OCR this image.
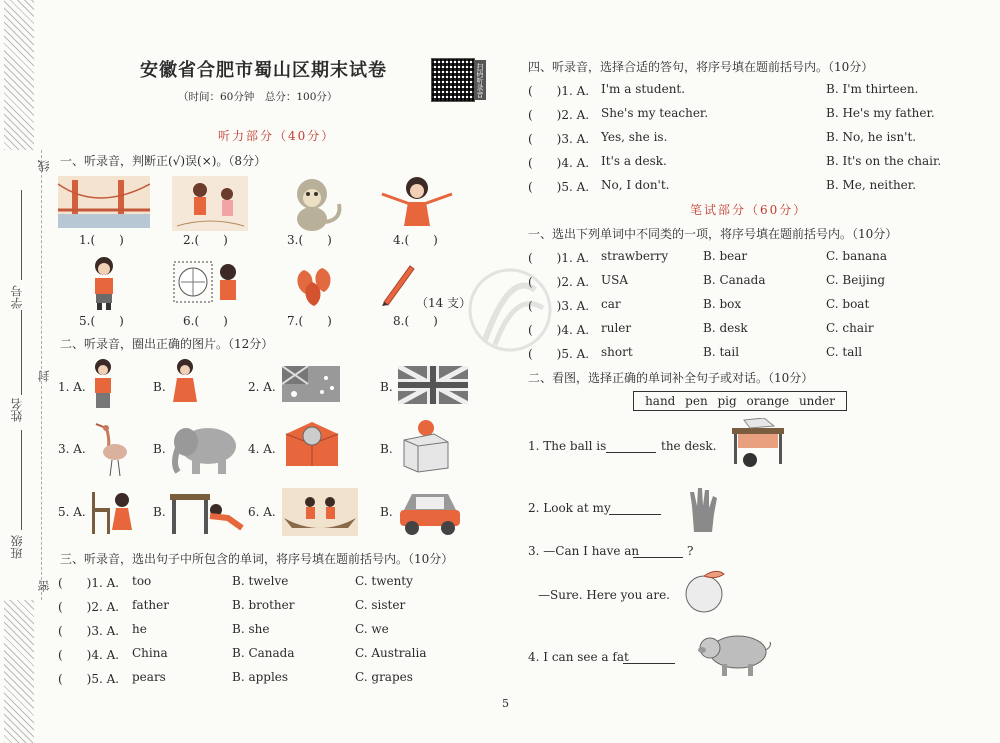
线
学号
姓名
封
班级
密
安徽省合肥市蜀山区期末试卷
（时间：60分钟　总分：100分）	扫码听录音
听力部分（40分）
一、听录音，判断正(√)误(×)。（8分）
1.(　　)	2.(　　)	3.(　　)	4.(　　)
（14 支）
5.(　　)	6.(　　)	7.(　　)	8.(　　)
二、听录音，圈出正确的图片。（12分）
1. A.	B.	2. A.	B.
3. A.	B.	4. A.	B.
5. A.	B.	6. A.	B.
三、听录音，选出句子中所包含的单词，将序号填在题前括号内。（10分）
(　　)1. A. too	B. twelve	C. twenty
(　　)2. A. father	B. brother	C. sister
(　　)3. A. he	B. she	C. we
(　　)4. A. China	B. Canada	C. Australia
(　　)5. A. pears	B. apples	C. grapes
四、听录音，选择合适的答句，将序号填在题前括号内。（10分）
(　　)1. A. I'm a student.	B. I'm thirteen.
(　　)2. A. She's my teacher.	B. He's my father.
(　　)3. A. Yes, she is.	B. No, he isn't.
(　　)4. A. It's a desk.	B. It's on the chair.
(　　)5. A. No, I don't.	B. Me, neither.
笔试部分（60分）
一、选出下列单词中不同类的一项，将序号填在题前括号内。（10分）
(　　)1. A. strawberry	B. bear	C. banana
(　　)2. A. USA	B. Canada	C. Beijing
(　　)3. A. car	B. box	C. boat
(　　)4. A. ruler	B. desk	C. chair
(　　)5. A. short	B. tail	C. tall
二、看图，选择正确的单词补全句子或对话。（10分）
hand pen pig orange under
1. The ball is	the desk.
2. Look at my
3. —Can I have an	?
—Sure. Here you are.
4. I can see a fat
5
